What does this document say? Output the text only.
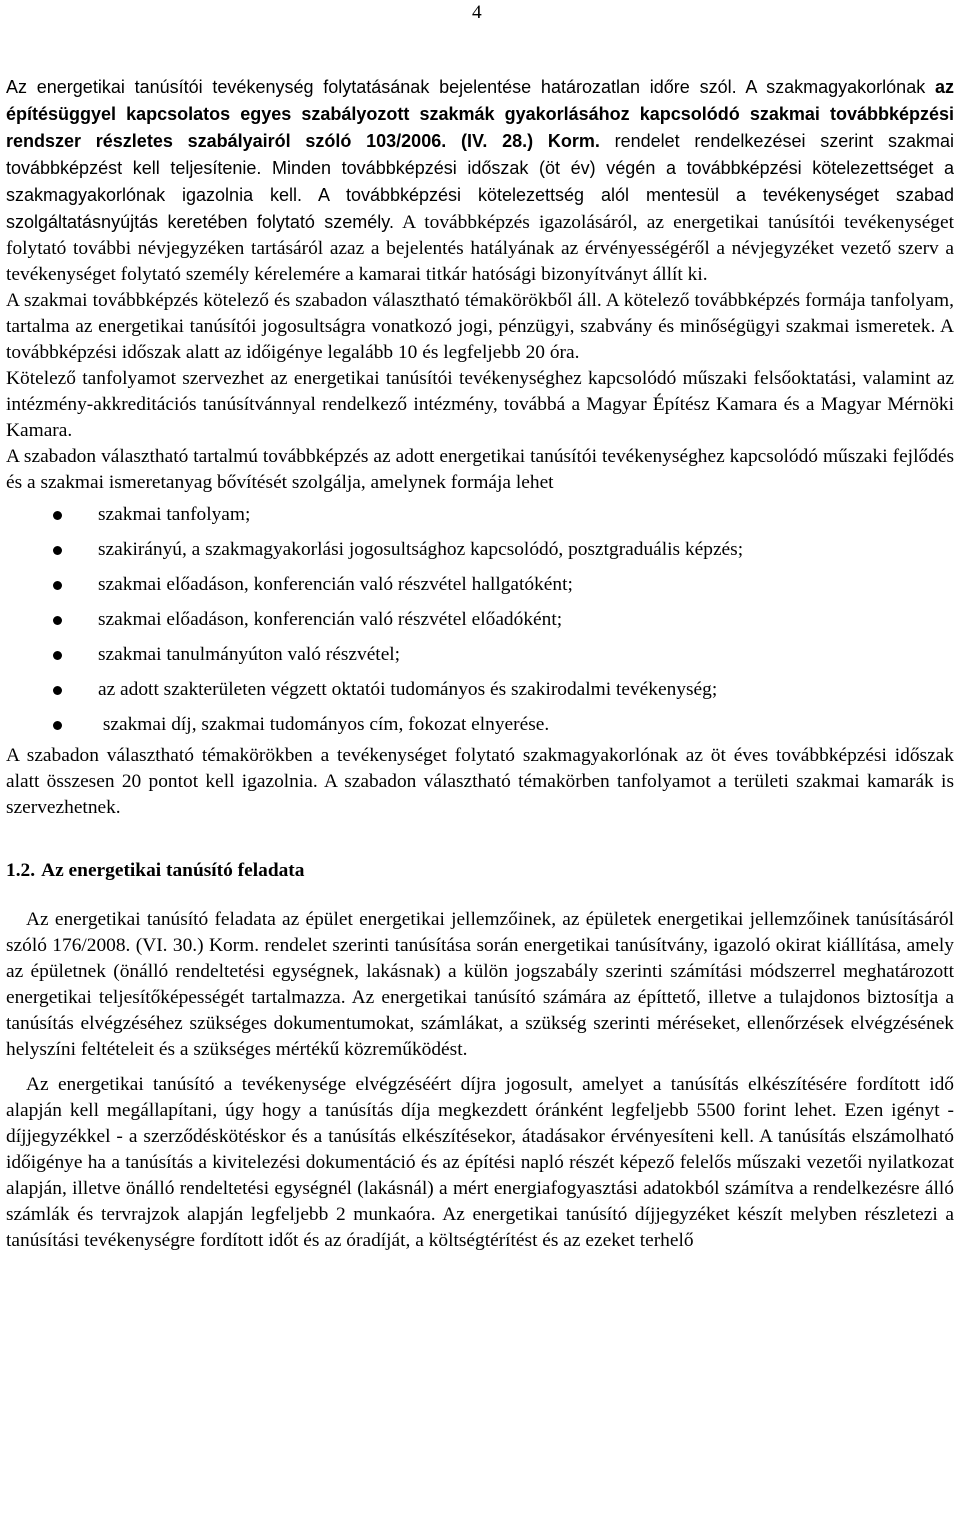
4

Az energetikai tanúsítói tevékenység folytatásának bejelentése határozatlan időre szól. A szakmagyakorlónak az építésüggyel kapcsolatos egyes szabályozott szakmák gyakorlásához kapcsolódó szakmai továbbképzési rendszer részletes szabályairól szóló 103/2006. (IV. 28.) Korm. rendelet rendelkezései szerint szakmai továbbképzést kell teljesítenie. Minden továbbképzési időszak (öt év) végén a továbbképzési kötelezettséget a szakmagyakorlónak igazolnia kell. A továbbképzési kötelezettség alól mentesül a tevékenységet szabad szolgáltatásnyújtás keretében folytató személy. A továbbképzés igazolásáról, az energetikai tanúsítói tevékenységet folytató további névjegyzéken tartásáról azaz a bejelentés hatályának az érvényességéről a névjegyzéket vezető szerv a tevékenységet folytató személy kérelemére a kamarai titkár hatósági bizonyítványt állít ki.

A szakmai továbbképzés kötelező és szabadon választható témakörökből áll. A kötelező továbbképzés formája tanfolyam, tartalma az energetikai tanúsítói jogosultságra vonatkozó jogi, pénzügyi, szabvány és minőségügyi szakmai ismeretek. A továbbképzési időszak alatt az időigénye legalább 10 és legfeljebb 20 óra.

Kötelező tanfolyamot szervezhet az energetikai tanúsítói tevékenységhez kapcsolódó műszaki felsőoktatási, valamint az intézmény-akkreditációs tanúsítvánnyal rendelkező intézmény, továbbá a Magyar Építész Kamara és a Magyar Mérnöki Kamara.

A szabadon választható tartalmú továbbképzés az adott energetikai tanúsítói tevékenységhez kapcsolódó műszaki fejlődés és a szakmai ismeretanyag bővítését szolgálja, amelynek formája lehet

szakmai tanfolyam;
szakirányú, a szakmagyakorlási jogosultsághoz kapcsolódó, posztgraduális képzés;
szakmai előadáson, konferencián való részvétel hallgatóként;
szakmai előadáson, konferencián való részvétel előadóként;
szakmai tanulmányúton való részvétel;
az adott szakterületen végzett oktatói tudományos és szakirodalmi tevékenység;
szakmai díj, szakmai tudományos cím, fokozat elnyerése.

A szabadon választható témakörökben a tevékenységet folytató szakmagyakorlónak az öt éves továbbképzési időszak alatt összesen 20 pontot kell igazolnia. A szabadon választható témakörben tanfolyamot a területi szakmai kamarák is szervezhetnek.

1.2. Az energetikai tanúsító feladata

Az energetikai tanúsító feladata az épület energetikai jellemzőinek, az épületek energetikai jellemzőinek tanúsításáról szóló 176/2008. (VI. 30.) Korm. rendelet szerinti tanúsítása során energetikai tanúsítvány, igazoló okirat kiállítása, amely az épületnek (önálló rendeltetési egységnek, lakásnak) a külön jogszabály szerinti számítási módszerrel meghatározott energetikai teljesítőképességét tartalmazza. Az energetikai tanúsító számára az építtető, illetve a tulajdonos biztosítja a tanúsítás elvégzéséhez szükséges dokumentumokat, számlákat, a szükség szerinti méréseket, ellenőrzések elvégzésének helyszíni feltételeit és a szükséges mértékű közreműködést.

Az energetikai tanúsító a tevékenysége elvégzéséért díjra jogosult, amelyet a tanúsítás elkészítésére fordított idő alapján kell megállapítani, úgy hogy a tanúsítás díja megkezdett óránként legfeljebb 5500 forint lehet. Ezen igényt - díjjegyzékkel - a szerződéskötéskor és a tanúsítás elkészítésekor, átadásakor érvényesíteni kell. A tanúsítás elszámolható időigénye ha a tanúsítás a kivitelezési dokumentáció és az építési napló részét képező felelős műszaki vezetői nyilatkozat alapján, illetve önálló rendeltetési egységnél (lakásnál) a mért energiafogyasztási adatokból számítva a rendelkezésre álló számlák és tervrajzok alapján legfeljebb 2 munkaóra. Az energetikai tanúsító díjjegyzéket készít melyben részletezi a tanúsítási tevékenységre fordított időt és az óradíját, a költségtérítést és az ezeket terhelő
